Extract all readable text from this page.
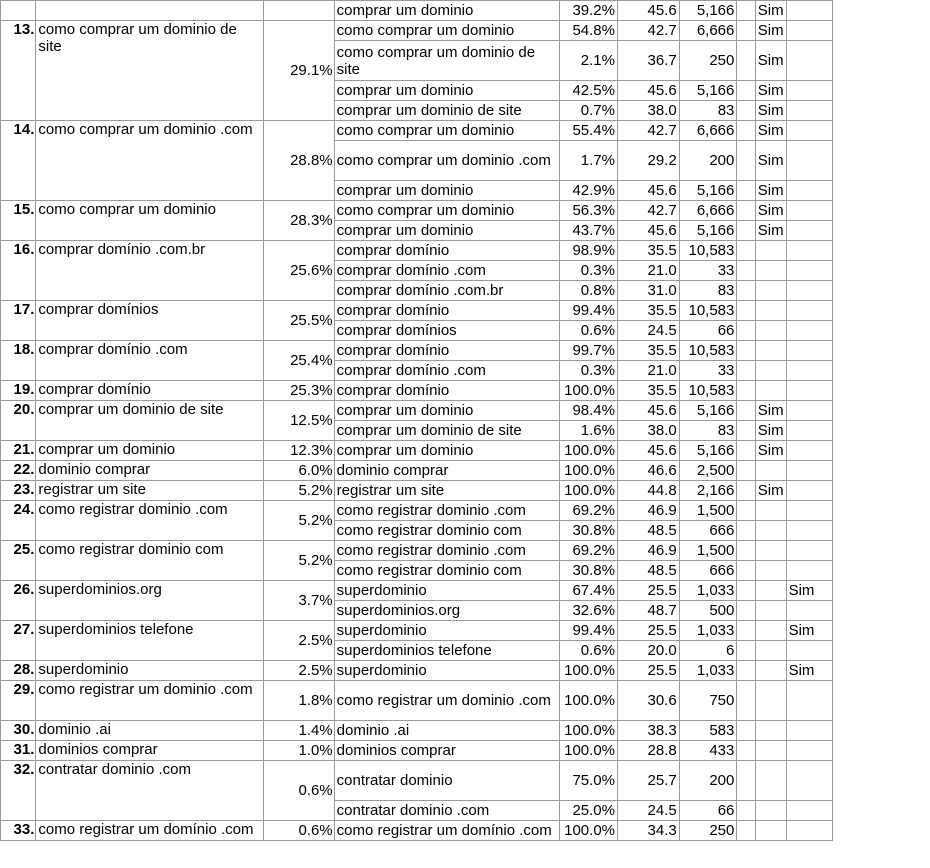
			comprar um dominio	39.2%	45.6	5,166		Sim	
13.	como comprar um dominio de site	29.1%	como comprar um dominio	54.8%	42.7	6,666		Sim	
			como comprar um dominio de site	2.1%	36.7	250		Sim	
			comprar um dominio	42.5%	45.6	5,166		Sim	
			comprar um dominio de site	0.7%	38.0	83		Sim	
14.	como comprar um dominio .com	28.8%	como comprar um dominio	55.4%	42.7	6,666		Sim	
			como comprar um dominio .com	1.7%	29.2	200		Sim	
			comprar um dominio	42.9%	45.6	5,166		Sim	
15.	como comprar um dominio	28.3%	como comprar um dominio	56.3%	42.7	6,666		Sim	
			comprar um dominio	43.7%	45.6	5,166		Sim	
16.	comprar domínio .com.br	25.6%	comprar domínio	98.9%	35.5	10,583			
			comprar domínio .com	0.3%	21.0	33			
			comprar domínio .com.br	0.8%	31.0	83			
17.	comprar domínios	25.5%	comprar domínio	99.4%	35.5	10,583			
			comprar domínios	0.6%	24.5	66			
18.	comprar domínio .com	25.4%	comprar domínio	99.7%	35.5	10,583			
			comprar domínio .com	0.3%	21.0	33			
19.	comprar domínio	25.3%	comprar domínio	100.0%	35.5	10,583			
20.	comprar um dominio de site	12.5%	comprar um dominio	98.4%	45.6	5,166		Sim	
			comprar um dominio de site	1.6%	38.0	83		Sim	
21.	comprar um dominio	12.3%	comprar um dominio	100.0%	45.6	5,166		Sim	
22.	dominio comprar	6.0%	dominio comprar	100.0%	46.6	2,500			
23.	registrar um site	5.2%	registrar um site	100.0%	44.8	2,166		Sim	
24.	como registrar dominio .com	5.2%	como registrar dominio .com	69.2%	46.9	1,500			
			como registrar dominio com	30.8%	48.5	666			
25.	como registrar dominio com	5.2%	como registrar dominio .com	69.2%	46.9	1,500			
			como registrar dominio com	30.8%	48.5	666			
26.	superdominios.org	3.7%	superdominio	67.4%	25.5	1,033			Sim
			superdominios.org	32.6%	48.7	500			
27.	superdominios telefone	2.5%	superdominio	99.4%	25.5	1,033			Sim
			superdominios telefone	0.6%	20.0	6			
28.	superdominio	2.5%	superdominio	100.0%	25.5	1,033			Sim
29.	como registrar um dominio .com	1.8%	como registrar um dominio .com	100.0%	30.6	750			
30.	dominio .ai	1.4%	dominio .ai	100.0%	38.3	583			
31.	dominios comprar	1.0%	dominios comprar	100.0%	28.8	433			
32.	contratar dominio .com	0.6%	contratar dominio	75.0%	25.7	200			
			contratar dominio .com	25.0%	24.5	66			
33.	como registrar um domínio .com	0.6%	como registrar um domínio .com	100.0%	34.3	250			
